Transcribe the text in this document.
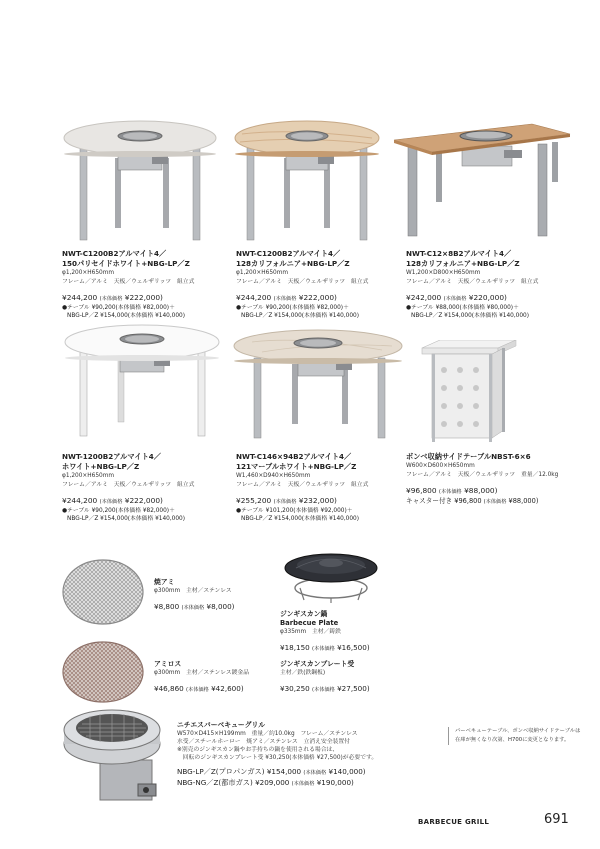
NWT-C1200B2アルマイト4／
150パリセイドホワイト+NBG-LP／Z
φ1,200×H650mm
フレーム／アルミ　天板／ウェルザリッツ　組立式
¥244,200 (本体価格 ¥222,000)
●テーブル ¥90,200(本体価格 ¥82,000)＋
NBG-LP／Z ¥154,000(本体価格 ¥140,000)
NWT-C1200B2アルマイト4／
128カリフォルニア+NBG-LP／Z
φ1,200×H650mm
フレーム／アルミ　天板／ウェルザリッツ　組立式
¥244,200 (本体価格 ¥222,000)
●テーブル ¥90,200(本体価格 ¥82,000)＋
NBG-LP／Z ¥154,000(本体価格 ¥140,000)
NWT-C12×8B2アルマイト4／
128カリフォルニア+NBG-LP／Z
W1,200×D800×H650mm
フレーム／アルミ　天板／ウェルザリッツ　組立式
¥242,000 (本体価格 ¥220,000)
●テーブル ¥88,000(本体価格 ¥80,000)＋
NBG-LP／Z ¥154,000(本体価格 ¥140,000)
NWT-1200B2アルマイト4／
ホワイト+NBG-LP／Z
φ1,200×H650mm
フレーム／アルミ　天板／ウェルザリッツ　組立式
¥244,200 (本体価格 ¥222,000)
●テーブル ¥90,200(本体価格 ¥82,000)＋
NBG-LP／Z ¥154,000(本体価格 ¥140,000)
NWT-C146×94B2アルマイト4／
121マーブルホワイト+NBG-LP／Z
W1,460×D940×H650mm
フレーム／アルミ　天板／ウェルザリッツ　組立式
¥255,200 (本体価格 ¥232,000)
●テーブル ¥101,200(本体価格 ¥92,000)＋
NBG-LP／Z ¥154,000(本体価格 ¥140,000)
ボンベ収納サイドテーブルNBST-6×6
W600×D600×H650mm
フレーム／アルミ　天板／ウェルザリッツ　重量／12.0kg
¥96,800 (本体価格 ¥88,000)
キャスター付き ¥96,800 (本体価格 ¥88,000)
焼アミ
φ300mm　主材／ステンレス
¥8,800 (本体価格 ¥8,000)
アミロス
φ300mm　主材／ステンレス鍍金品
¥46,860 (本体価格 ¥42,600)
ジンギスカン鍋
Barbecue Plate
φ335mm　主材／鋳鉄
¥18,150 (本体価格 ¥16,500)
ジンギスカンプレート受
主材／鉄(鉄鋼板)
¥30,250 (本体価格 ¥27,500)
ニチエスバーベキューグリル
W570×D415×H199mm　重量／約10.0kg　フレーム／ステンレス
水受／スチールホーロー　焼アミ／ステンレス　立消え安全装置付
※別売のジンギスカン鍋やお手持ちの鍋を使用される場合は、
　回転のジンギスカンプレート受 ¥30,250(本体価格 ¥27,500)が必要です。
NBG-LP／Z(プロパンガス) ¥154,000 (本体価格 ¥140,000)
NBG-NG／Z(都市ガス) ¥209,000 (本体価格 ¥190,000)
バーベキューテーブル、ボンベ収納サイドテーブルは在庫が無くなり次第、H700に変更となります。
BARBECUE GRILL	691
